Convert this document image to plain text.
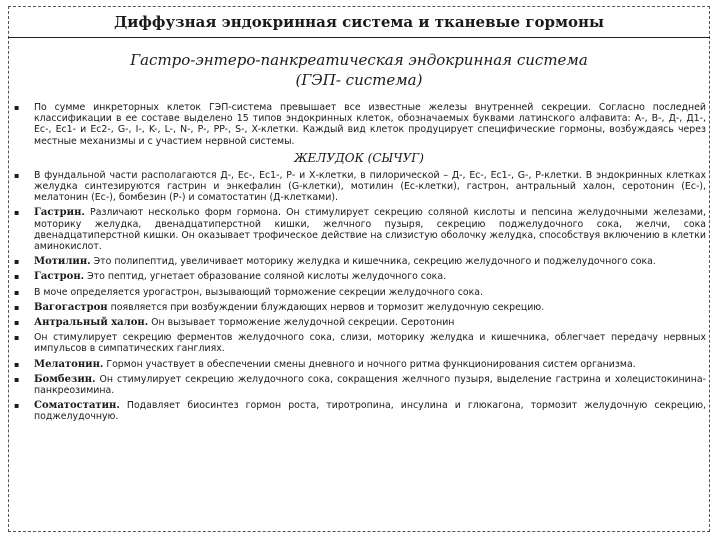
Диффузная эндокринная система и тканевые гормоны
Гастро-энтеро-панкреатическая эндокринная система
(ГЭП- система)
▪ По сумме инкреторных клеток ГЭП-система превышает все известные железы внутренней секреции. Согласно последней классификации в ее составе выделено 15 типов эндокринных клеток, обозначаемых буквами латинского алфавита: А-, В-, Д-, Д1-, Ес-, Ес1- и Ес2-, G-, I-, K-, L-, N-, P-, PP-, S-, X-клетки. Каждый вид клеток продуцирует специфические гормоны, возбуждаясь через местные механизмы и с участием нервной системы.
ЖЕЛУДОК (СЫЧУГ)
▪ В фундальной части располагаются Д-, Ес-, Ес1-, Р- и Х-клетки, в пилорической – Д-, Ес-, Ес1-, G-, Р-клетки. В эндокринных клетках желудка синтезируются гастрин и энкефалин (G-клетки), мотилин (Ес-клетки), гастрон, антральный халон, серотонин (Ес-), мелатонин (Ес-), бомбезин (Р-) и соматостатин (Д-клетками).
▪ Гастрин. Различают несколько форм гормона. Он стимулирует секрецию соляной кислоты и пепсина желудочными железами, моторику желудка, двенадцатиперстной кишки, желчного пузыря, секрецию поджелудочного сока, желчи, сока двенадцатиперстной кишки. Он оказывает трофическое действие на слизистую оболочку желудка, способствуя включению в клетки аминокислот.
▪ Мотилин. Это полипептид, увеличивает моторику желудка и кишечника, секрецию желудочного и поджелудочного сока.
▪ Гастрон. Это пептид, угнетает образование соляной кислоты желудочного сока.
▪ В моче определяется урогастрон, вызывающий торможение секреции желудочного сока.
▪ Вагогастрон появляется при возбуждении блуждающих нервов и тормозит желудочную секрецию.
▪ Антральный халон. Он вызывает торможение желудочной секреции. Серотонин
▪ Он стимулирует секрецию ферментов желудочного сока, слизи, моторику желудка и кишечника, облегчает передачу нервных импульсов в симпатических ганглиях.
▪ Мелатонин. Гормон участвует в обеспечении смены дневного и ночного ритма функционирования систем организма.
▪ Бомбезин. Он стимулирует секрецию желудочного сока, сокращения желчного пузыря, выделение гастрина и холецистокинина-панкреозимина.
▪ Соматостатин. Подавляет биосинтез гормон роста, тиротропина, инсулина и глюкагона, тормозит желудочную секрецию, поджелудочную.
